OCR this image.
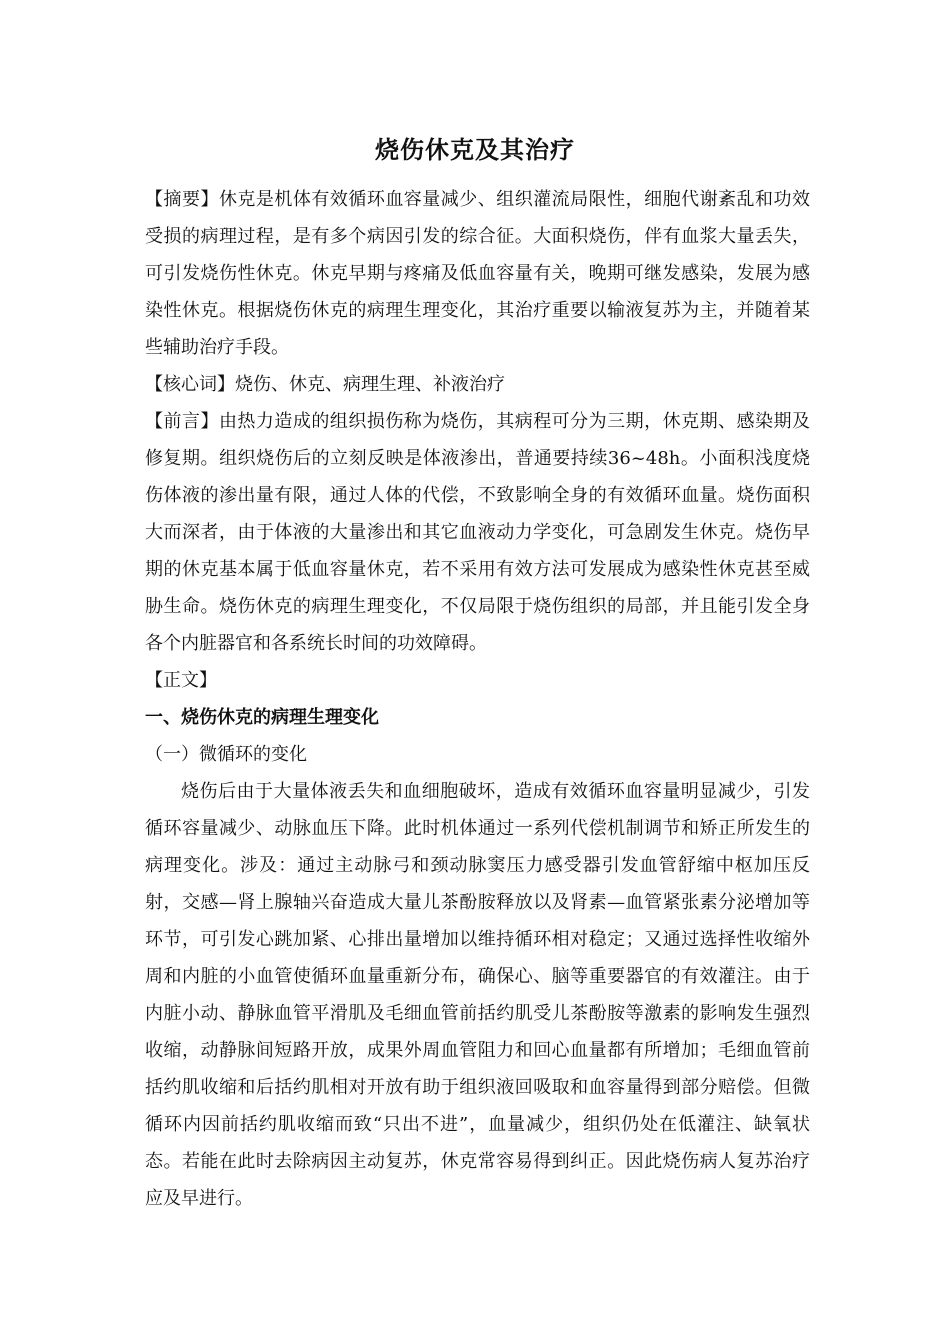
烧伤休克及其治疗

【摘要】休克是机体有效循环血容量减少、组织灌流局限性，细胞代谢紊乱和功效受损的病理过程，是有多个病因引发的综合征。大面积烧伤，伴有血浆大量丢失，可引发烧伤性休克。休克早期与疼痛及低血容量有关，晚期可继发感染，发展为感染性休克。根据烧伤休克的病理生理变化，其治疗重要以输液复苏为主，并随着某些辅助治疗手段。

【核心词】烧伤、休克、病理生理、补液治疗

【前言】由热力造成的组织损伤称为烧伤，其病程可分为三期，休克期、感染期及修复期。组织烧伤后的立刻反映是体液渗出，普通要持续36~48h。小面积浅度烧伤体液的渗出量有限，通过人体的代偿，不致影响全身的有效循环血量。烧伤面积大而深者，由于体液的大量渗出和其它血液动力学变化，可急剧发生休克。烧伤早期的休克基本属于低血容量休克，若不采用有效方法可发展成为感染性休克甚至威胁生命。烧伤休克的病理生理变化，不仅局限于烧伤组织的局部，并且能引发全身各个内脏器官和各系统长时间的功效障碍。

【正文】

一、烧伤休克的病理生理变化

（一）微循环的变化

烧伤后由于大量体液丢失和血细胞破坏，造成有效循环血容量明显减少，引发循环容量减少、动脉血压下降。此时机体通过一系列代偿机制调节和矫正所发生的病理变化。涉及：通过主动脉弓和颈动脉窦压力感受器引发血管舒缩中枢加压反射，交感—肾上腺轴兴奋造成大量儿茶酚胺释放以及肾素—血管紧张素分泌增加等环节，可引发心跳加紧、心排出量增加以维持循环相对稳定；又通过选择性收缩外周和内脏的小血管使循环血量重新分布，确保心、脑等重要器官的有效灌注。由于内脏小动、静脉血管平滑肌及毛细血管前括约肌受儿茶酚胺等激素的影响发生强烈收缩，动静脉间短路开放，成果外周血管阻力和回心血量都有所增加；毛细血管前括约肌收缩和后括约肌相对开放有助于组织液回吸取和血容量得到部分赔偿。但微循环内因前括约肌收缩而致“只出不进”，血量减少，组织仍处在低灌注、缺氧状态。若能在此时去除病因主动复苏，休克常容易得到纠正。因此烧伤病人复苏治疗应及早进行。
